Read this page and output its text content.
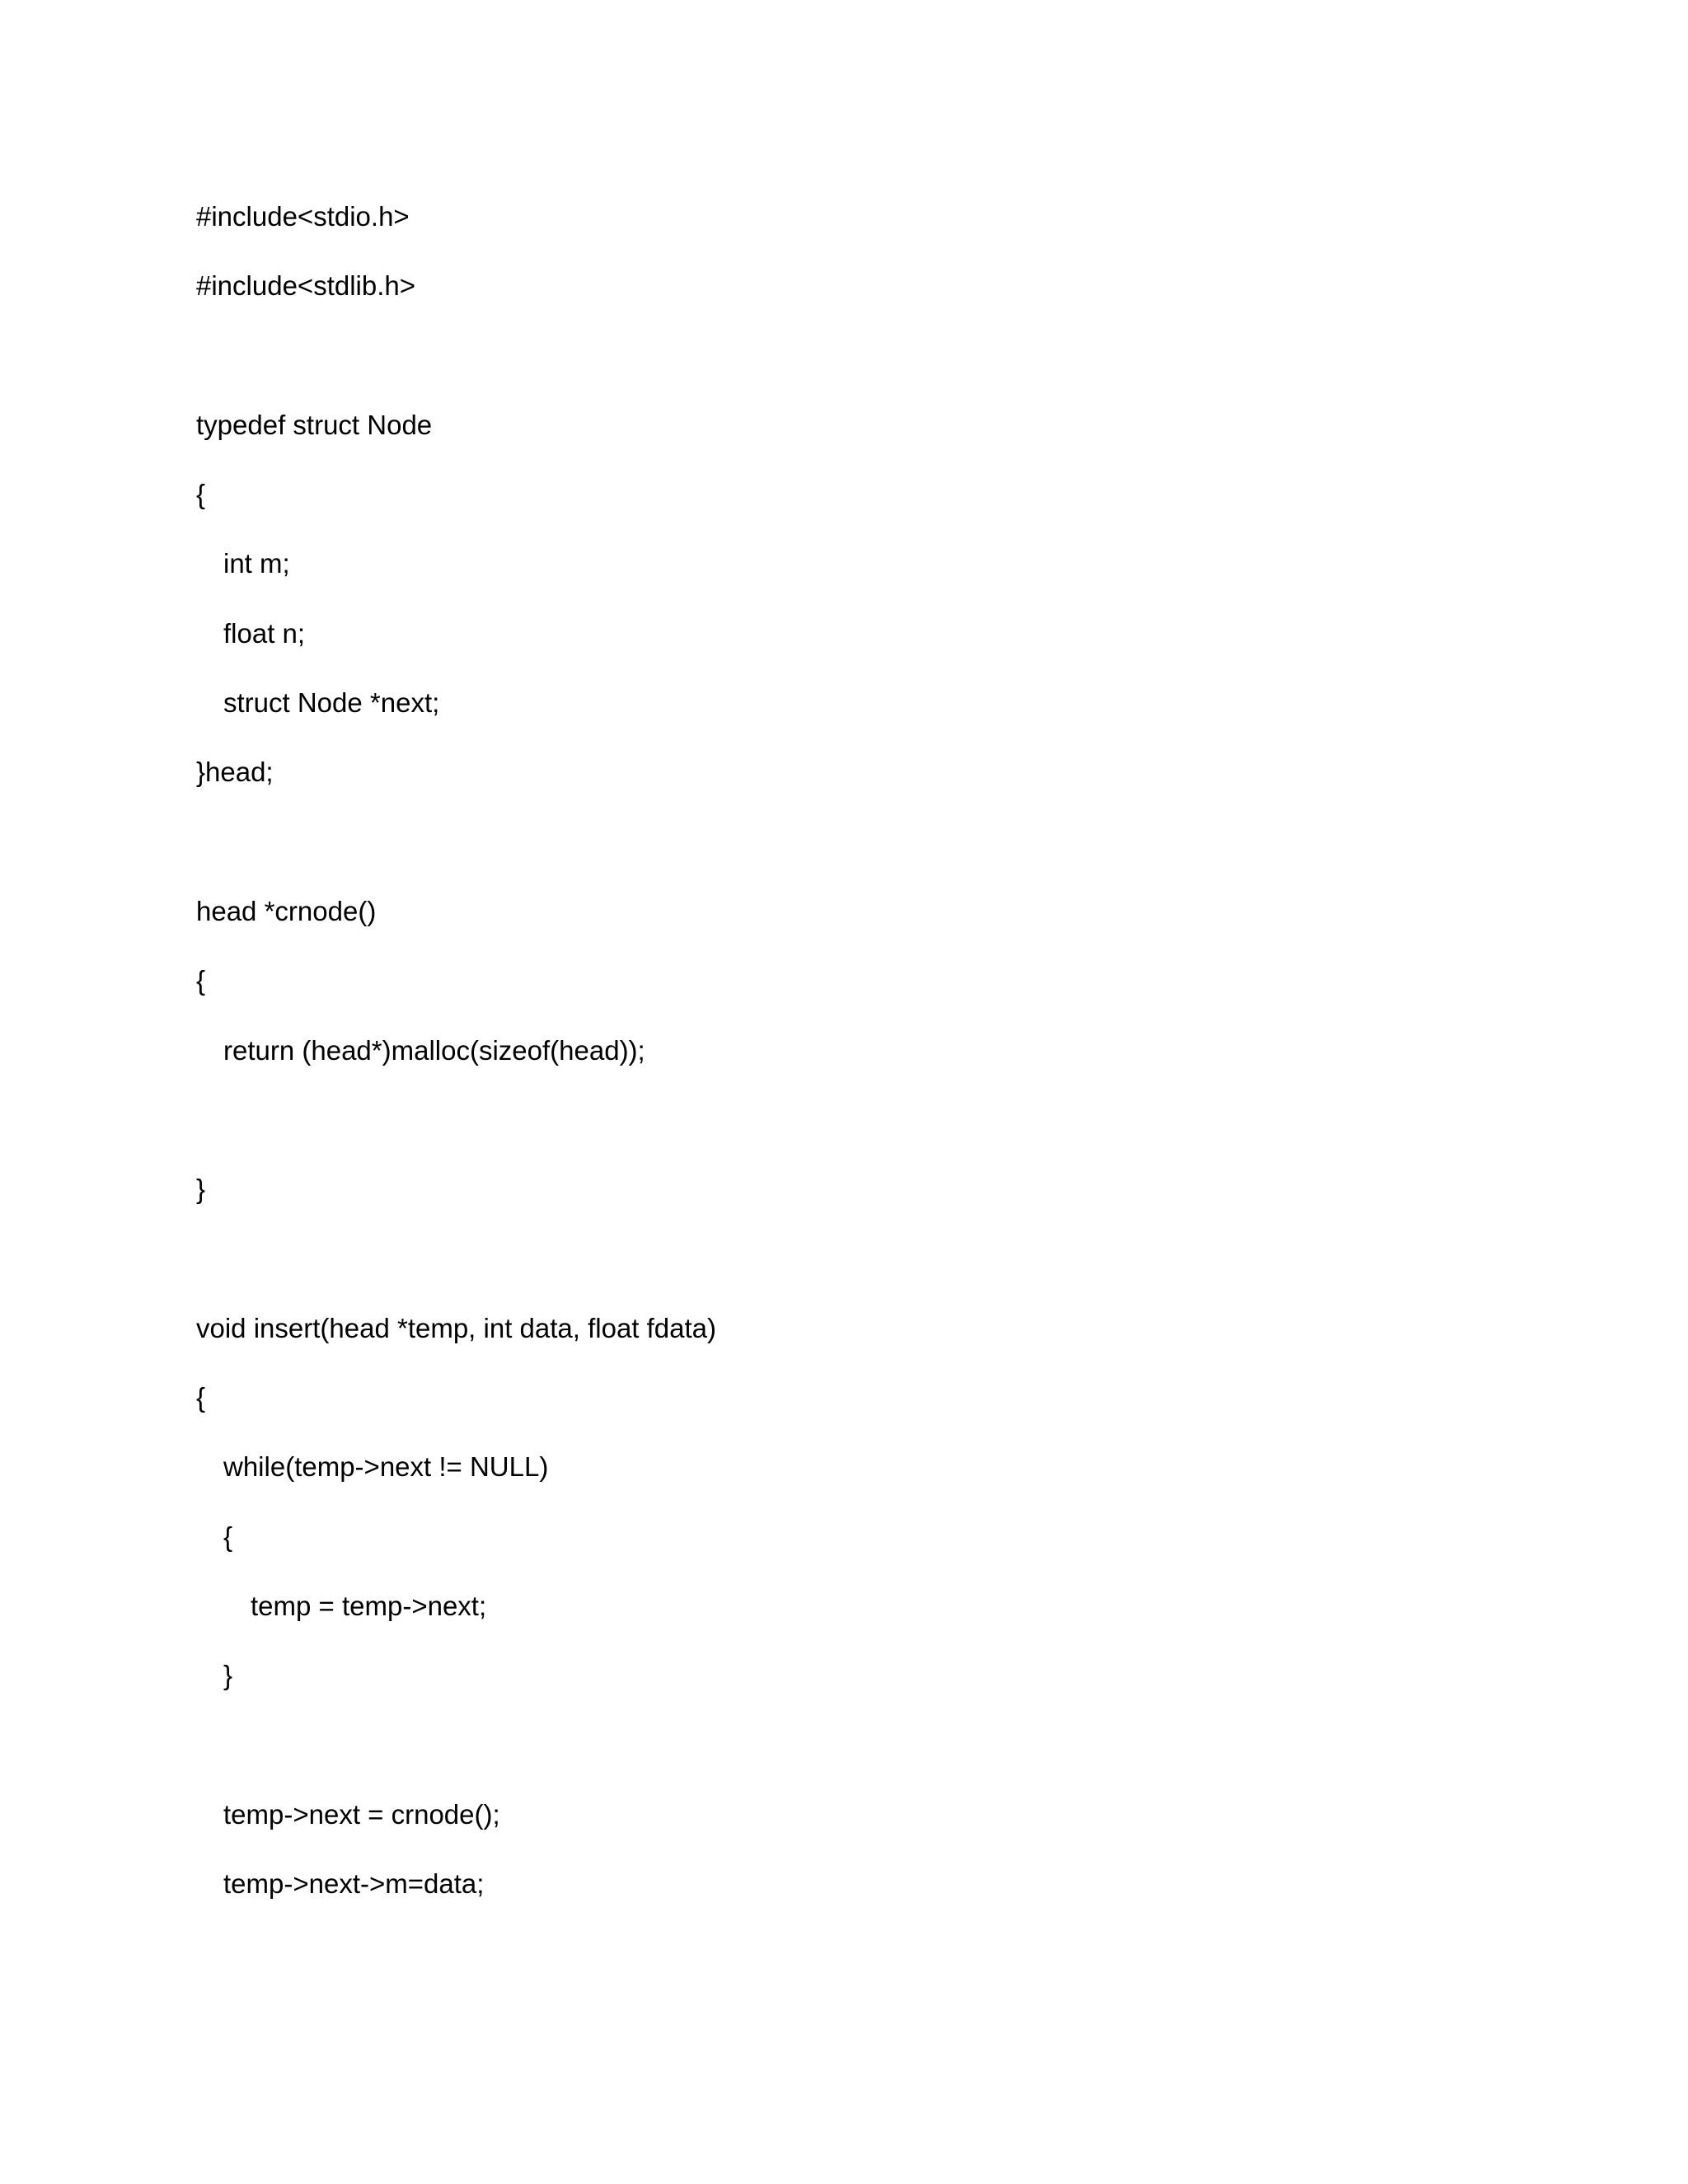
#include<stdio.h>
#include<stdlib.h>
typedef struct Node
{
int m;
float n;
struct Node *next;
}head;
head *crnode()
{
return (head*)malloc(sizeof(head));
}
void insert(head *temp, int data, float fdata)
{
while(temp->next != NULL)
{
temp = temp->next;
}
temp->next = crnode();
temp->next->m=data;
